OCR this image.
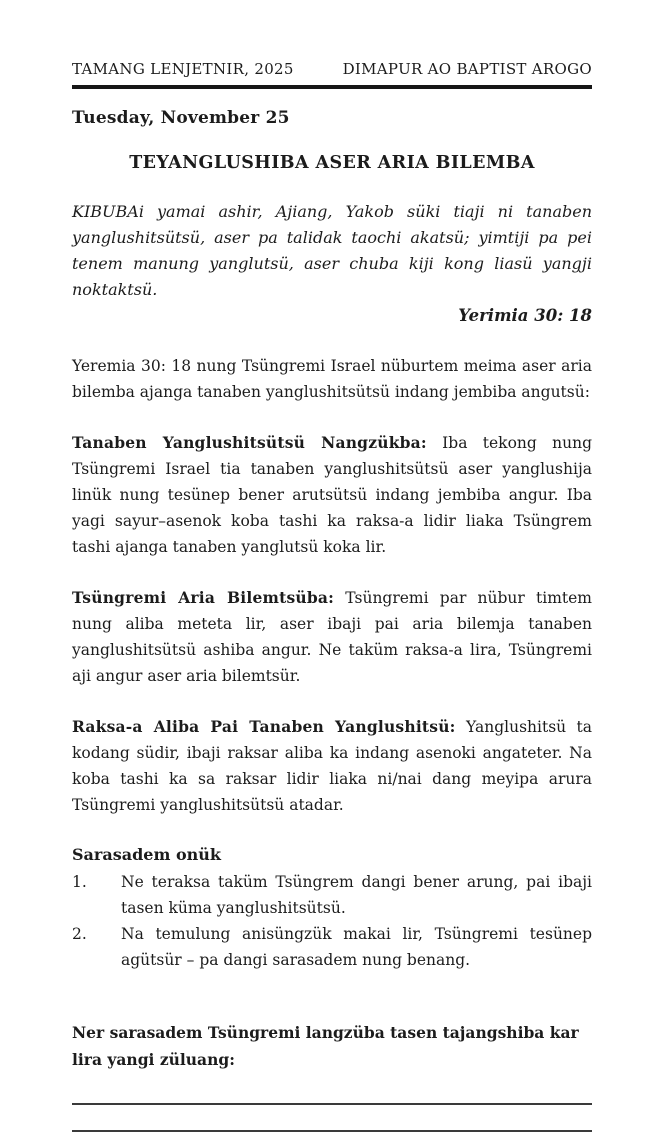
TAMANG LENJETNIR, 2025	DIMAPUR AO BAPTIST AROGO
Tuesday, November 25
TEYANGLUSHIBA ASER ARIA BILEMBA
KIBUBAi yamai ashir, Ajiang, Yakob süki tiaji ni tanaben yanglushitsütsü, aser pa talidak taochi akatsü; yimtiji pa pei tenem manung yanglutsü, aser chuba kiji kong liasü yangji noktaktsü.
Yerimia 30: 18
Yeremia 30: 18 nung Tsüngremi Israel nüburtem meima aser aria bilemba ajanga tanaben yanglushitsütsü indang jembiba angutsü:
Tanaben Yanglushitsütsü Nangzükba: Iba tekong nung Tsüngremi Israel tia tanaben yanglushitsütsü aser yanglushija linük nung tesünep bener arutsütsü indang jembiba angur. Iba yagi sayur–asenok koba tashi ka raksa-a lidir liaka Tsüngrem tashi ajanga tanaben yanglutsü koka lir.
Tsüngremi Aria Bilemtsüba: Tsüngremi par nübur timtem nung aliba meteta lir, aser ibaji pai aria bilemja tanaben yanglushitsütsü ashiba angur. Ne taküm raksa-a lira, Tsüngremi aji angur aser aria bilemtsür.
Raksa-a Aliba Pai Tanaben Yanglushitsü: Yanglushitsü ta kodang südir, ibaji raksar aliba ka indang asenoki angateter. Na koba tashi ka sa raksar lidir liaka ni/nai dang meyipa arura Tsüngremi yanglushitsütsü atadar.
Sarasadem onük
1.	Ne teraksa taküm Tsüngrem dangi bener arung, pai ibaji tasen küma yanglushitsütsü.
2.	Na temulung anisüngzük makai lir, Tsüngremi tesünep agütsür – pa dangi sarasadem nung benang.
Ner sarasadem Tsüngremi langzüba tasen tajangshiba kar lira yangi züluang:
